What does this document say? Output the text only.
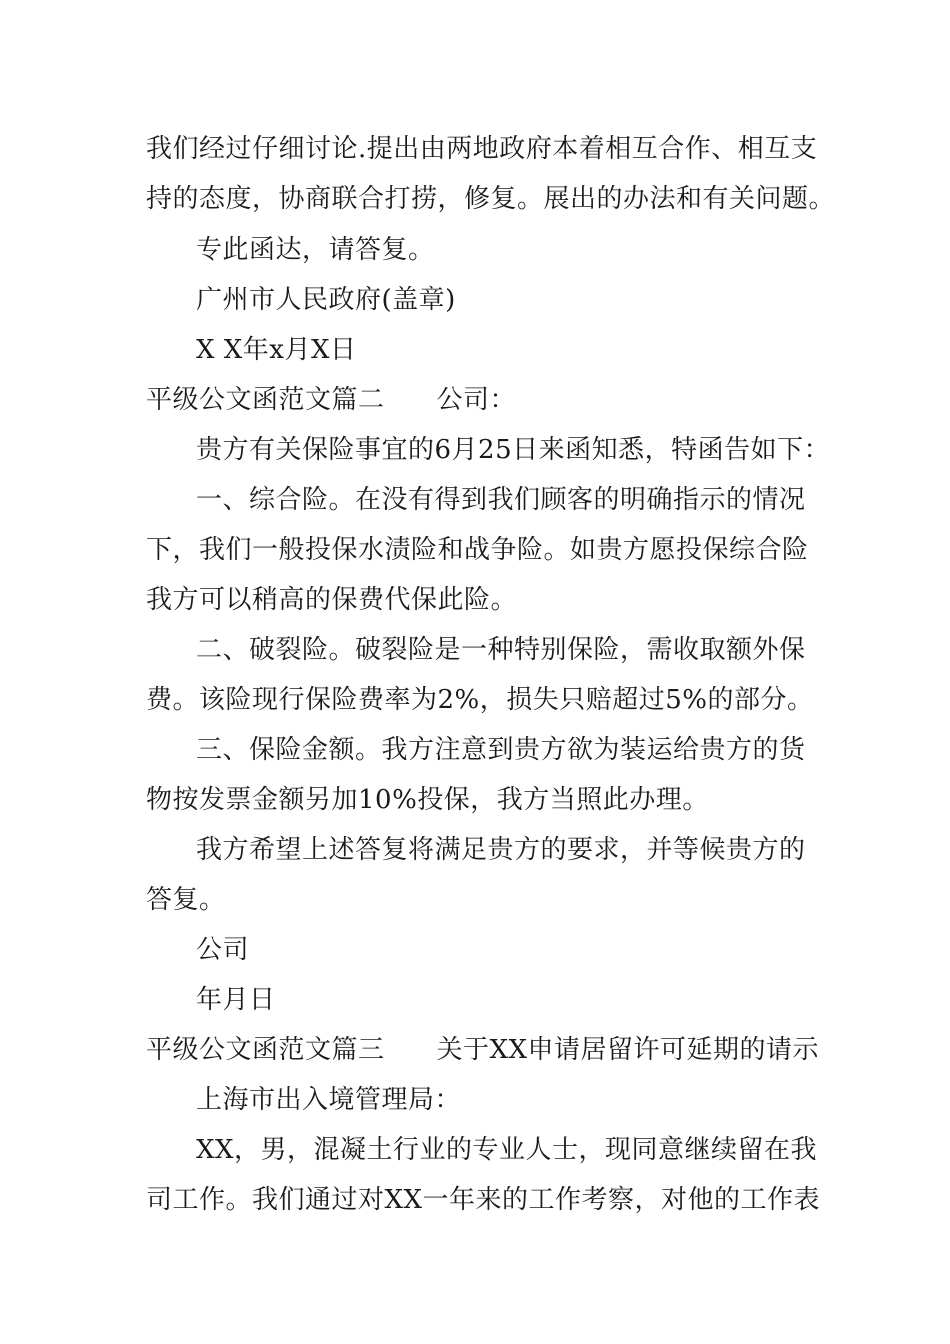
我们经过仔细讨论.提出由两地政府本着相互合作、相互支
持的态度，协商联合打捞，修复。展出的办法和有关问题。
专此函达，请答复。
广州市人民政府(盖章)
X X年x月X日
平级公文函范文篇二 公司：
贵方有关保险事宜的6月25日来函知悉，特函告如下：
一、综合险。在没有得到我们顾客的明确指示的情况
下，我们一般投保水渍险和战争险。如贵方愿投保综合险
我方可以稍高的保费代保此险。
二、破裂险。破裂险是一种特别保险，需收取额外保
费。该险现行保险费率为2%，损失只赔超过5%的部分。
三、保险金额。我方注意到贵方欲为装运给贵方的货
物按发票金额另加10%投保，我方当照此办理。
我方希望上述答复将满足贵方的要求，并等候贵方的
答复。
公司
年月日
平级公文函范文篇三 关于XX申请居留许可延期的请示
上海市出入境管理局：
XX，男，混凝土行业的专业人士，现同意继续留在我
司工作。我们通过对XX一年来的工作考察，对他的工作表
